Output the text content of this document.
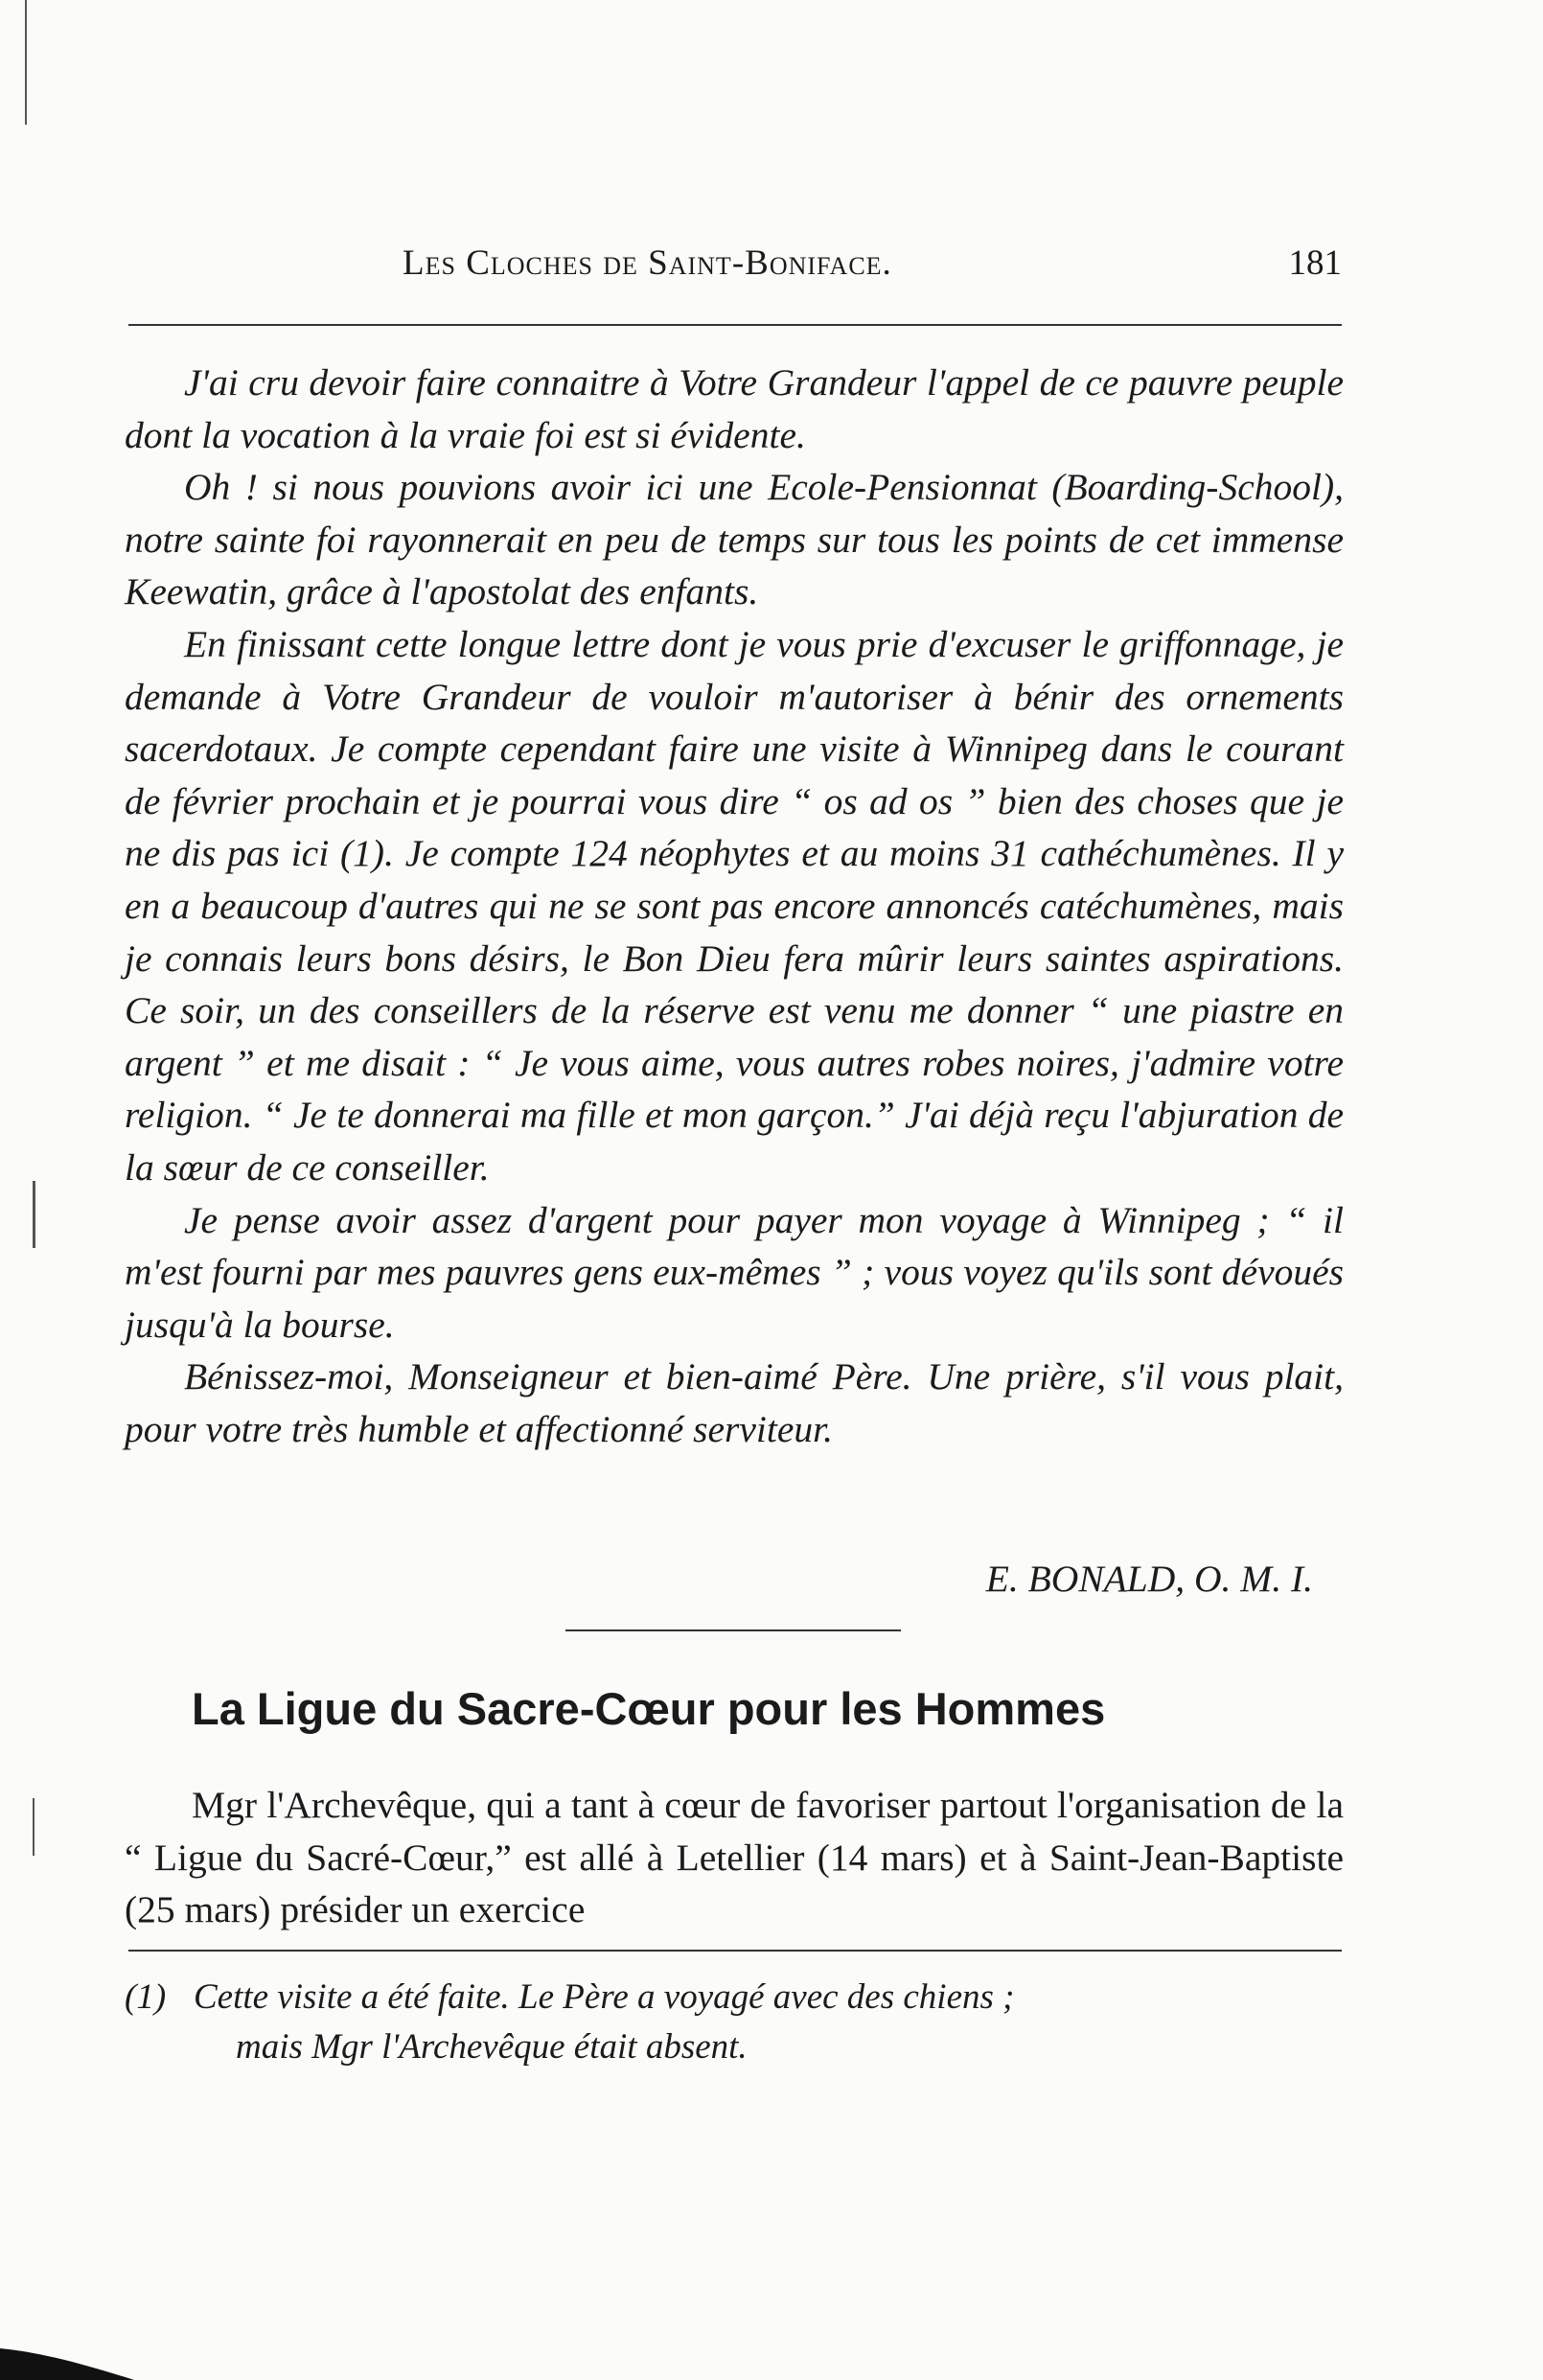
Les Cloches de Saint-Boniface.	181

J'ai cru devoir faire connaitre à Votre Grandeur l'appel de ce pauvre peuple dont la vocation à la vraie foi est si évidente.

Oh ! si nous pouvions avoir ici une Ecole-Pensionnat (Boarding-School), notre sainte foi rayonnerait en peu de temps sur tous les points de cet immense Keewatin, grâce à l'apostolat des enfants.

En finissant cette longue lettre dont je vous prie d'excuser le griffonnage, je demande à Votre Grandeur de vouloir m'autoriser à bénir des ornements sacerdotaux. Je compte cependant faire une visite à Winnipeg dans le courant de février prochain et je pourrai vous dire “ os ad os ” bien des choses que je ne dis pas ici (1). Je compte 124 néophytes et au moins 31 cathéchumènes. Il y en a beaucoup d'autres qui ne se sont pas encore annoncés catéchumènes, mais je connais leurs bons désirs, le Bon Dieu fera mûrir leurs saintes aspirations. Ce soir, un des conseillers de la réserve est venu me donner “ une piastre en argent ” et me disait : “ Je vous aime, vous autres robes noires, j'admire votre religion. “ Je te donnerai ma fille et mon garçon.” J'ai déjà reçu l'abjuration de la sœur de ce conseiller.

Je pense avoir assez d'argent pour payer mon voyage à Winnipeg ; “ il m'est fourni par mes pauvres gens eux-mêmes ” ; vous voyez qu'ils sont dévoués jusqu'à la bourse.

Bénissez-moi, Monseigneur et bien-aimé Père. Une prière, s'il vous plait, pour votre très humble et affectionné serviteur.

E. BONALD, O. M. I.
La Ligue du Sacre-Cœur pour les Hommes

Mgr l'Archevêque, qui a tant à cœur de favoriser partout l'organisation de la “ Ligue du Sacré-Cœur,” est allé à Letellier (14 mars) et à Saint-Jean-Baptiste (25 mars) présider un exercice

(1) Cette visite a été faite. Le Père a voyagé avec des chiens ;
mais Mgr l'Archevêque était absent.
